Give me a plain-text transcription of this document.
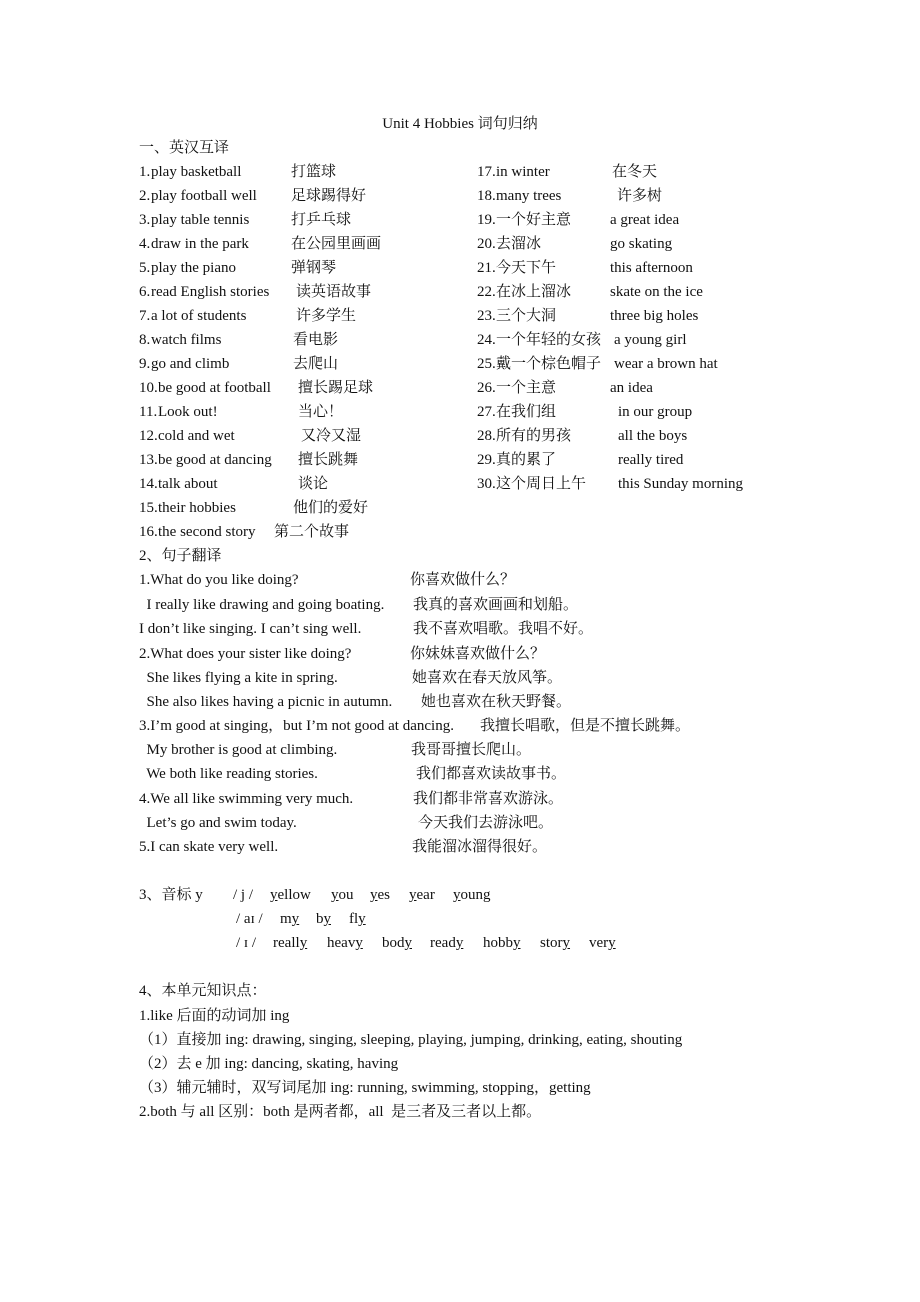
Unit 4 Hobbies 词句归纳
一、英汉互译
1. play basketball	打篮球
2. play football well 足球踢得好
3. play table tennis	打乒乓球
4. draw in the park	在公园里画画
5. play the piano	弹钢琴
6. read English stories 读英语故事
7. a lot of students	许多学生
8. watch films	看电影
9. go and climb	去爬山
10. be good at football 擅长踢足球
11. Look out!	当心！
12. cold and wet	又冷又湿
13. be good at dancing 擅长跳舞
14. talk about	谈论
15. their hobbies	他们的爱好
16. the second story 第二个故事
17. in winter	在冬天
18. many trees	许多树
19. 一个好主意	a great idea
20. 去溜冰	go skating
21. 今天下午	this afternoon
22. 在冰上溜冰	skate on the ice
23. 三个大洞	three big holes
24. 一个年轻的女孩 a young girl
25. 戴一个棕色帽子 wear a brown hat
26. 一个主意	an idea
27. 在我们组	in our group
28. 所有的男孩	all the boys
29. 真的累了	really tired
30. 这个周日上午 this Sunday morning
2、句子翻译
1.What do you like doing?	你喜欢做什么？
I really like drawing and going boating. 我真的喜欢画画和划船。
I don’t like singing. I can’t sing well.	我不喜欢唱歌。我唱不好。
2.What does your sister like doing?	你妹妹喜欢做什么？
She likes flying a kite in spring.	她喜欢在春天放风筝。
She also likes having a picnic in autumn. 她也喜欢在秋天野餐。
3.I’m good at singing，but I’m not good at dancing. 我擅长唱歌，但是不擅长跳舞。
My brother is good at climbing.	我哥哥擅长爬山。
We both like reading stories.	我们都喜欢读故事书。
4.We all like swimming very much.	我们都非常喜欢游泳。
Let’s go and swim today.	今天我们去游泳吧。
5.I can skate very well.	我能溜冰溜得很好。
3、音标 y / j / yellow you yes year young
/ aɪ / my by fly
/ ɪ / really heavy body ready hobby story very
4、本单元知识点：
1.like 后面的动词加 ing
（1）直接加 ing: drawing, singing, sleeping, playing, jumping, drinking, eating, shouting
（2）去 e 加 ing: dancing, skating, having
（3）辅元辅时，双写词尾加 ing: running, swimming, stopping，getting
2.both 与 all 区别：both 是两者都，all  是三者及三者以上都。
